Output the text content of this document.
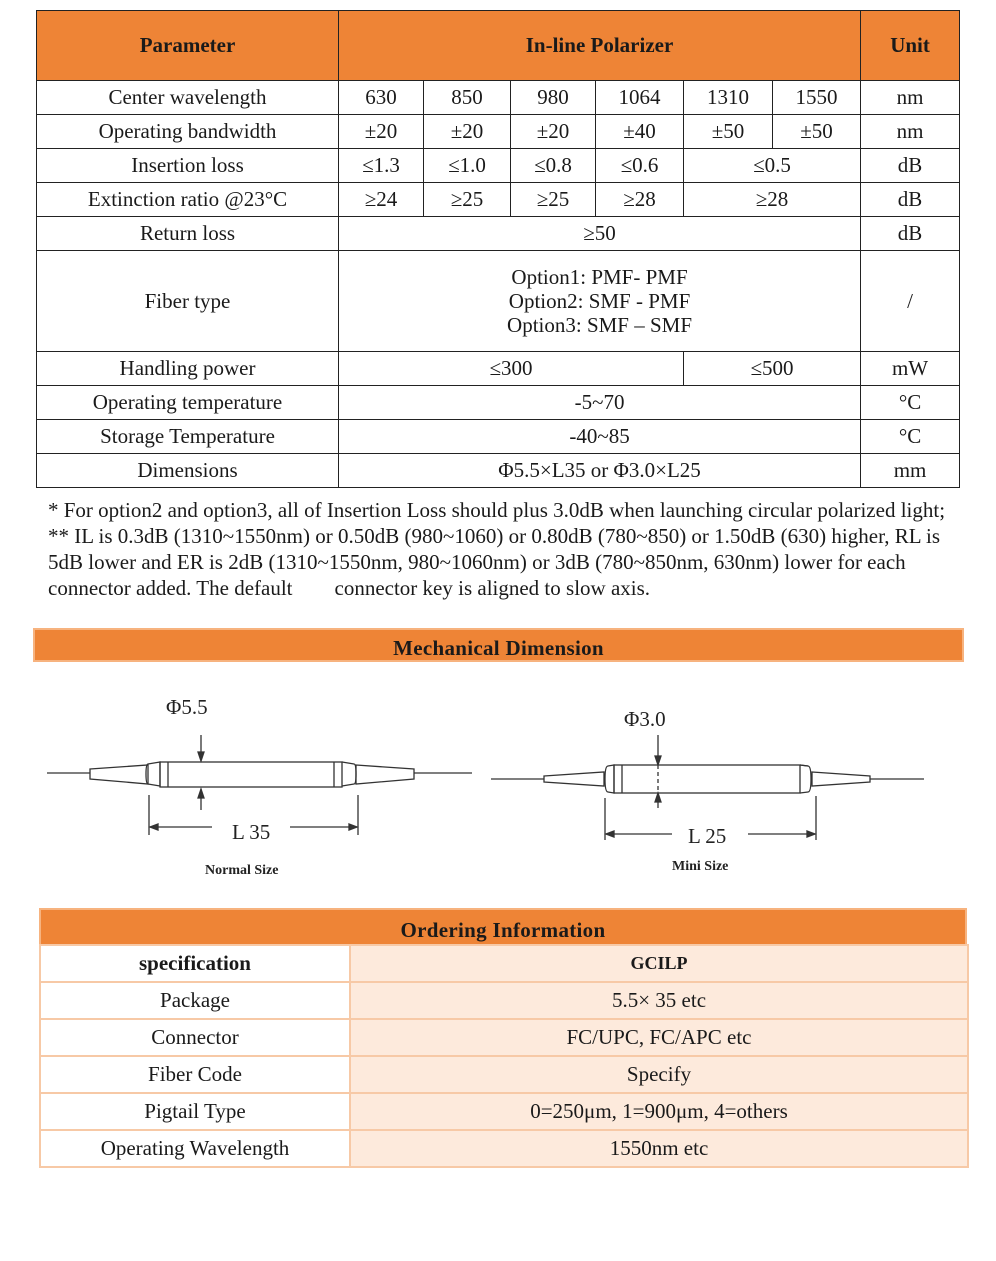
Parameter	In-line Polarizer						Unit
Center wavelength	630	850	980	1064	1310	1550	nm
Operating bandwidth	±20	±20	±20	±40	±50	±50	nm
Insertion loss	≤1.3	≤1.0	≤0.8	≤0.6	≤0.5		dB
Extinction ratio @23°C	≥24	≥25	≥25	≥28	≥28		dB
Return loss	≥50						dB
Fiber type	Option1: PMF- PMF
Option2: SMF - PMF
Option3: SMF – SMF						/
Handling power	≤300				≤500		mW
Operating temperature	-5~70						°C
Storage Temperature	-40~85						°C
Dimensions	Φ5.5×L35 or Φ3.0×L25						mm

* For option2 and option3, all of Insertion Loss should plus 3.0dB when launching circular polarized light;

** IL is 0.3dB (1310~1550nm) or 0.50dB (980~1060) or 0.80dB (780~850) or 1.50dB (630) higher, RL is 5dB lower and ER is 2dB (1310~1550nm, 980~1060nm) or 3dB (780~850nm, 630nm) lower for each connector added. The default        connector key is aligned to slow axis.

Mechanical Dimension
Φ5.5
L 35
Normal Size
Φ3.0
L 25
Mini Size
Ordering Information
specification	GCILP
Package	5.5× 35 etc
Connector	FC/UPC, FC/APC etc
Fiber Code	Specify
Pigtail Type	0=250μm, 1=900μm, 4=others
Operating Wavelength	1550nm etc
